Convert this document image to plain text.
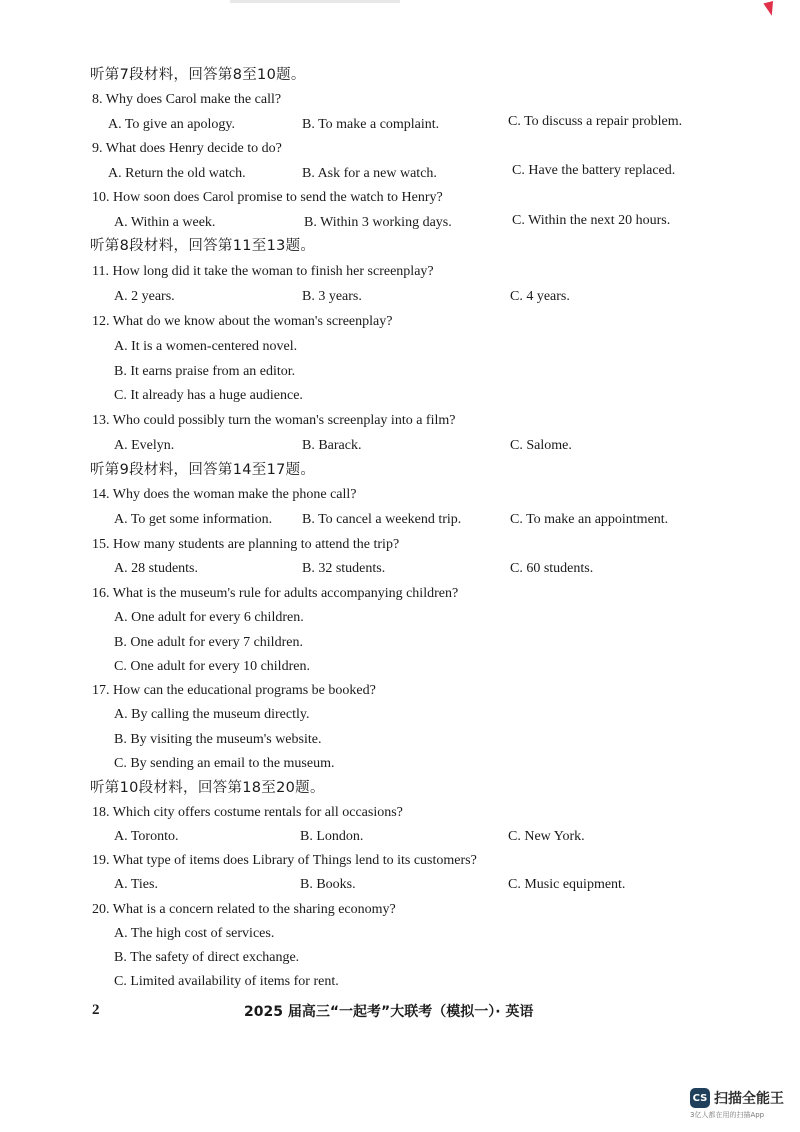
听第7段材料，回答第8至10题。
8. Why does Carol make the call?
A. To give an apology.	B. To make a complaint.	C. To discuss a repair problem.
9. What does Henry decide to do?
A. Return the old watch.	B. Ask for a new watch.	C. Have the battery replaced.
10. How soon does Carol promise to send the watch to Henry?
A. Within a week.	B. Within 3 working days.	C. Within the next 20 hours.
听第8段材料，回答第11至13题。
11. How long did it take the woman to finish her screenplay?
A. 2 years.	B. 3 years.	C. 4 years.
12. What do we know about the woman's screenplay?
A. It is a women-centered novel.
B. It earns praise from an editor.
C. It already has a huge audience.
13. Who could possibly turn the woman's screenplay into a film?
A. Evelyn.	B. Barack.	C. Salome.
听第9段材料，回答第14至17题。
14. Why does the woman make the phone call?
A. To get some information. B. To cancel a weekend trip.	C. To make an appointment.
15. How many students are planning to attend the trip?
A. 28 students.	B. 32 students.	C. 60 students.
16. What is the museum's rule for adults accompanying children?
A. One adult for every 6 children.
B. One adult for every 7 children.
C. One adult for every 10 children.
17. How can the educational programs be booked?
A. By calling the museum directly.
B. By visiting the museum's website.
C. By sending an email to the museum.
听第10段材料，回答第18至20题。
18. Which city offers costume rentals for all occasions?
A. Toronto.	B. London.	C. New York.
19. What type of items does Library of Things lend to its customers?
A. Ties.	B. Books.	C. Music equipment.
20. What is a concern related to the sharing economy?
A. The high cost of services.
B. The safety of direct exchange.
C. Limited availability of items for rent.
2	2025 届高三“一起考”大联考（模拟一）· 英语
CS 扫描全能王
3亿人都在用的扫描App
